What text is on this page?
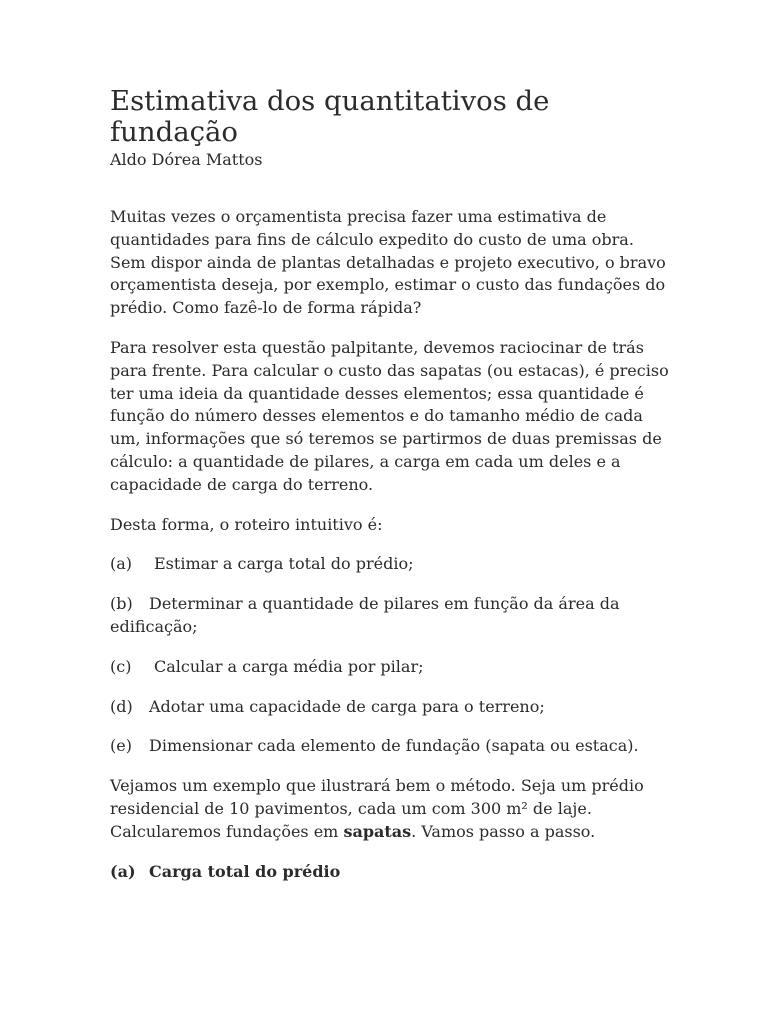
Estimativa dos quantitativos de fundação
Aldo Dórea Mattos

Muitas vezes o orçamentista precisa fazer uma estimativa de quantidades para fins de cálculo expedito do custo de uma obra. Sem dispor ainda de plantas detalhadas e projeto executivo, o bravo orçamentista deseja, por exemplo, estimar o custo das fundações do prédio. Como fazê-lo de forma rápida?

Para resolver esta questão palpitante, devemos raciocinar de trás para frente. Para calcular o custo das sapatas (ou estacas), é preciso ter uma ideia da quantidade desses elementos; essa quantidade é função do número desses elementos e do tamanho médio de cada um, informações que só teremos se partirmos de duas premissas de cálculo: a quantidade de pilares, a carga em cada um deles e a capacidade de carga do terreno.

Desta forma, o roteiro intuitivo é:

(a) Estimar a carga total do prédio;

(b) Determinar a quantidade de pilares em função da área da edificação;

(c) Calcular a carga média por pilar;

(d) Adotar uma capacidade de carga para o terreno;

(e) Dimensionar cada elemento de fundação (sapata ou estaca).

Vejamos um exemplo que ilustrará bem o método. Seja um prédio residencial de 10 pavimentos, cada um com 300 m² de laje. Calcularemos fundações em sapatas. Vamos passo a passo.

(a) Carga total do prédio
